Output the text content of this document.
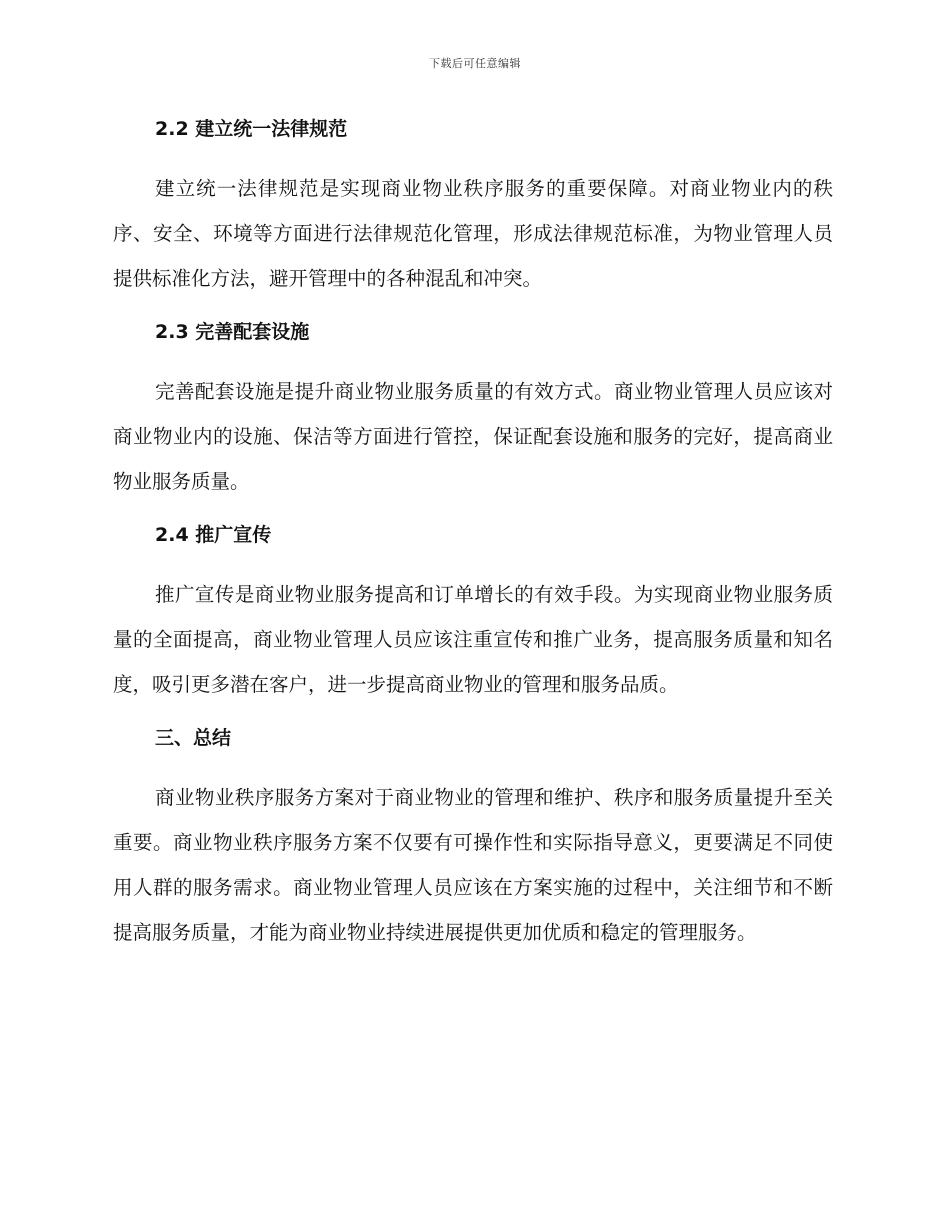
下载后可任意编辑
2.2 建立统一法律规范

建立统一法律规范是实现商业物业秩序服务的重要保障。对商业物业内的秩序、安全、环境等方面进行法律规范化管理，形成法律规范标准，为物业管理人员提供标准化方法，避开管理中的各种混乱和冲突。

2.3 完善配套设施

完善配套设施是提升商业物业服务质量的有效方式。商业物业管理人员应该对商业物业内的设施、保洁等方面进行管控，保证配套设施和服务的完好，提高商业物业服务质量。

2.4 推广宣传

推广宣传是商业物业服务提高和订单增长的有效手段。为实现商业物业服务质量的全面提高，商业物业管理人员应该注重宣传和推广业务，提高服务质量和知名度，吸引更多潜在客户，进一步提高商业物业的管理和服务品质。

三、总结

商业物业秩序服务方案对于商业物业的管理和维护、秩序和服务质量提升至关重要。商业物业秩序服务方案不仅要有可操作性和实际指导意义，更要满足不同使用人群的服务需求。商业物业管理人员应该在方案实施的过程中，关注细节和不断提高服务质量，才能为商业物业持续进展提供更加优质和稳定的管理服务。
